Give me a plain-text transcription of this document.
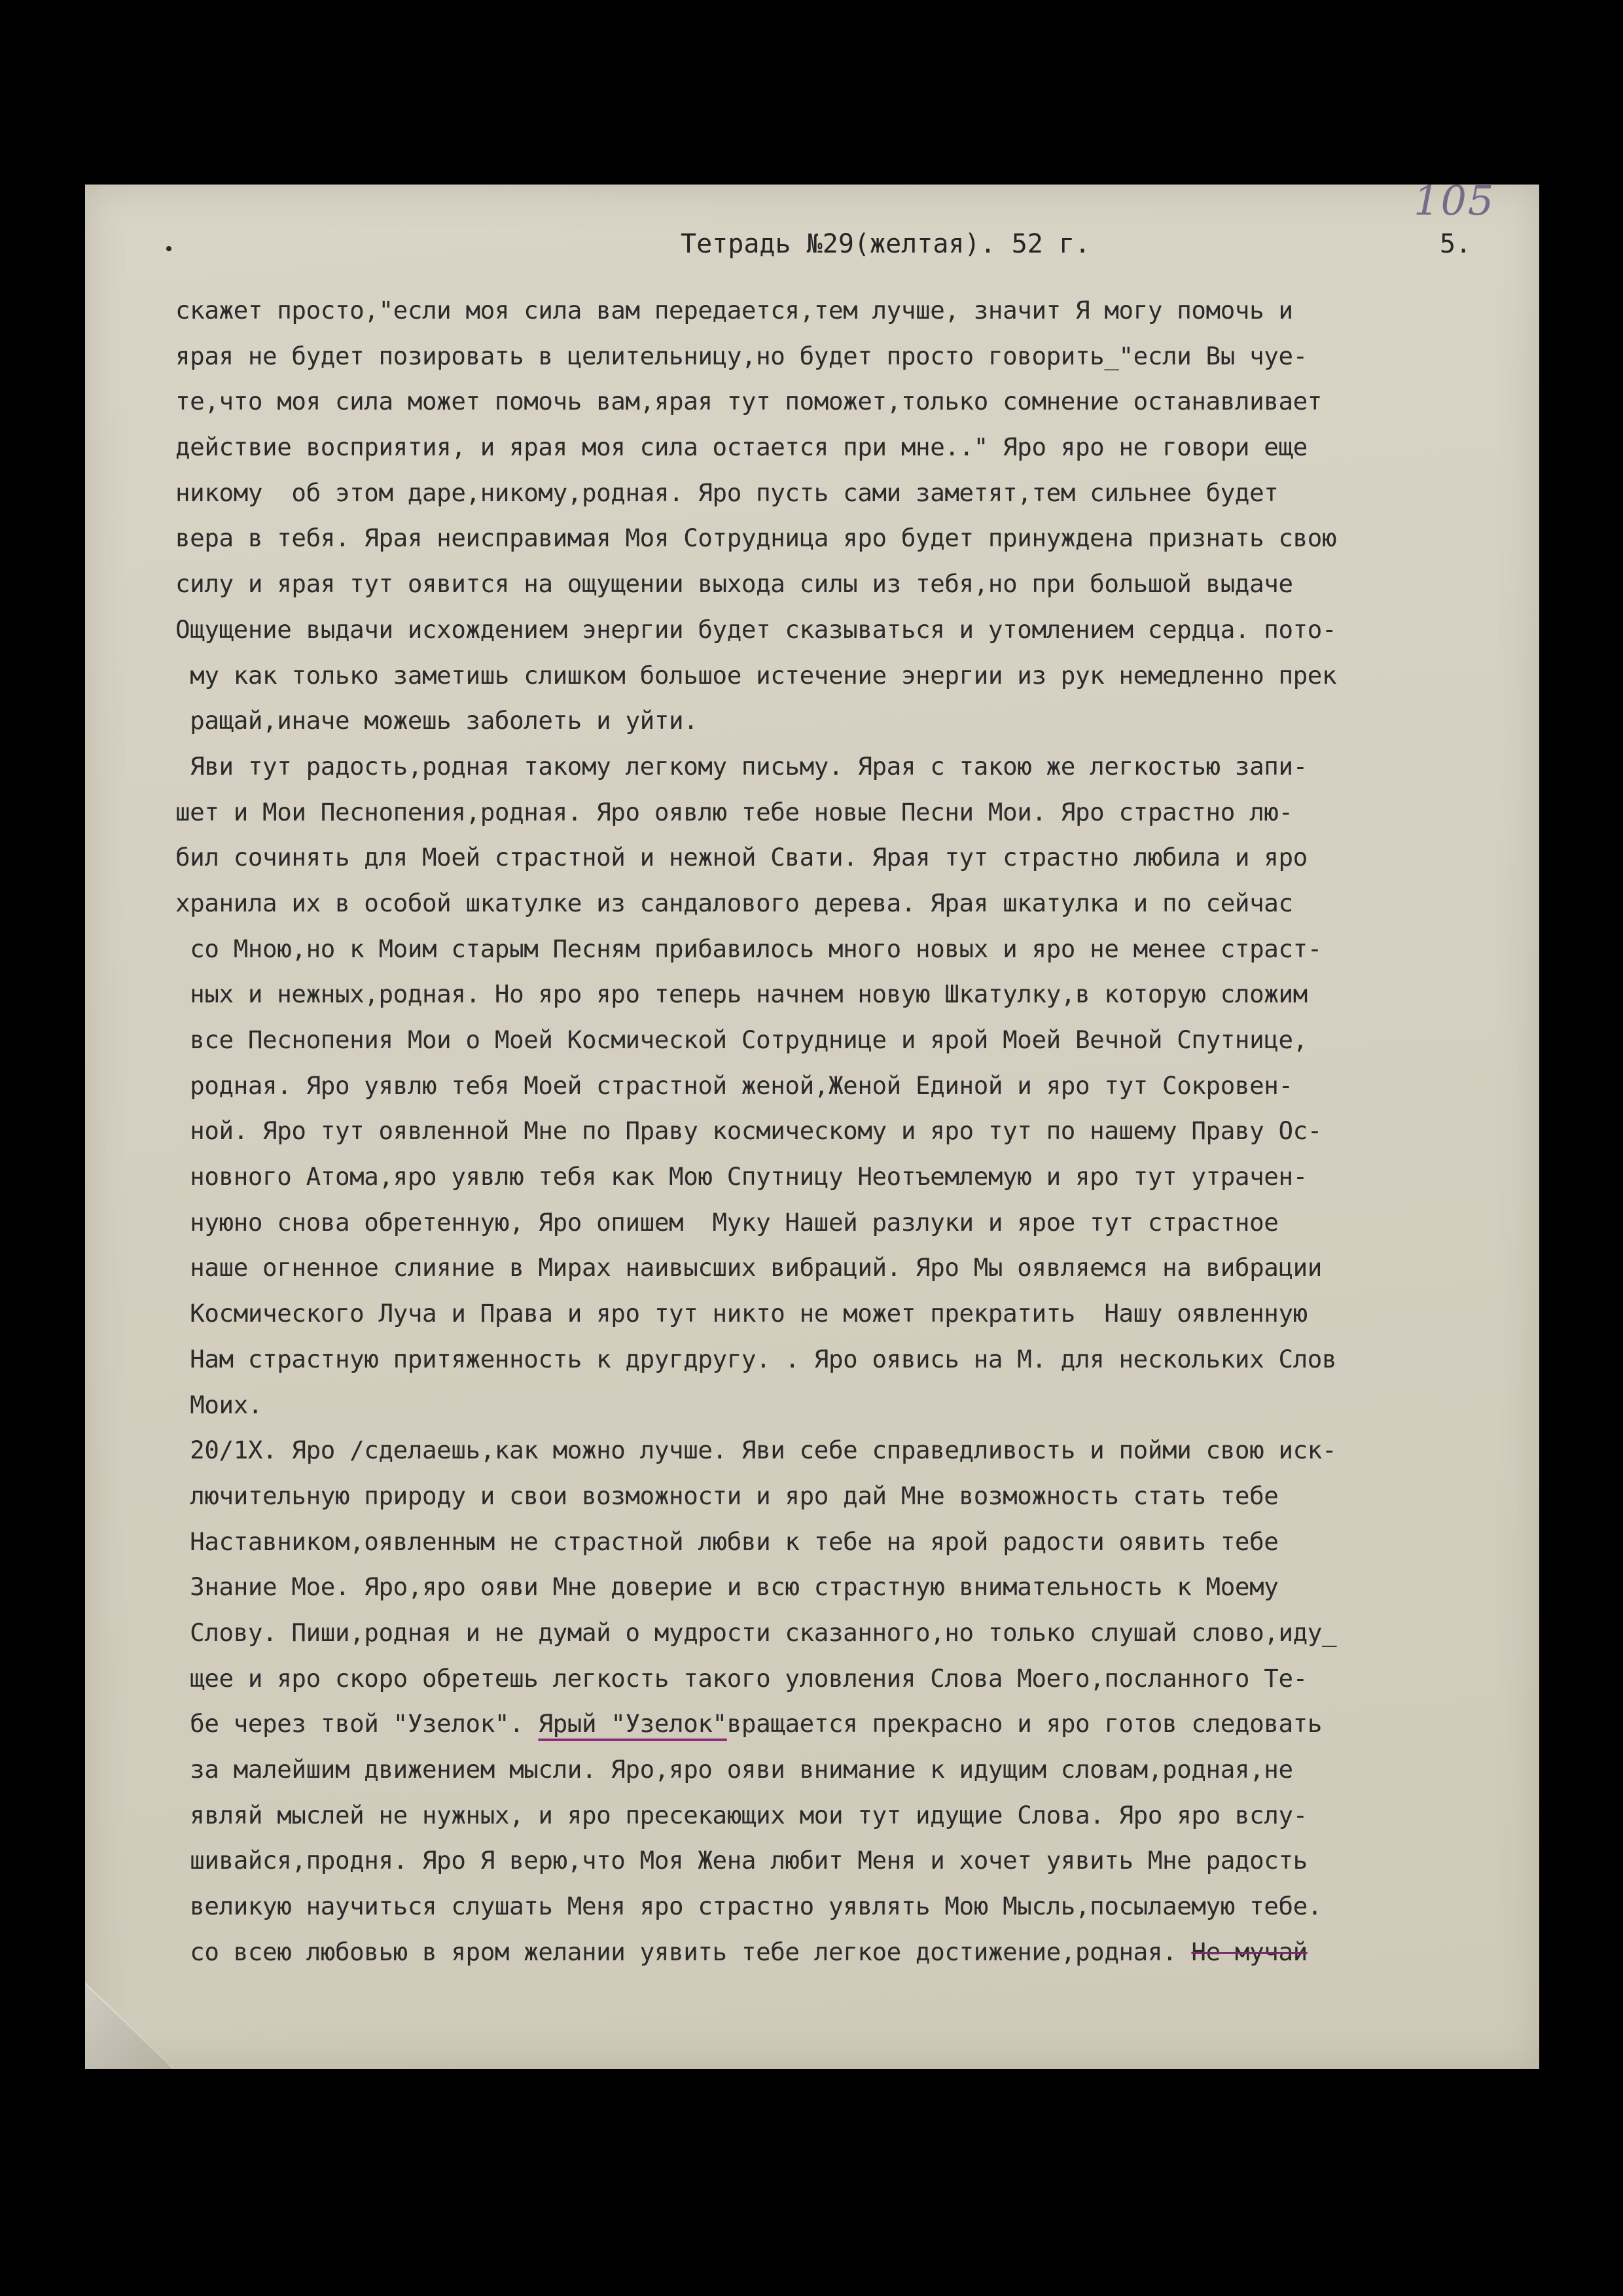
105
Тетрадь №29(желтая). 52 г.	5.
скажет просто,"если моя сила вам передается,тем лучше, значит Я могу помочь и
ярая не будет позировать в целительницу,но будет просто говорить_"если Вы чуе-
те,что моя сила может помочь вам,ярая тут поможет,только сомнение останавливает
действие восприятия, и ярая моя сила остается при мне.." Яро яро не говори еще
никому  об этом даре,никому,родная. Яро пусть сами заметят,тем сильнее будет
вера в тебя. Ярая неисправимая Моя Сотрудница яро будет принуждена признать свою
силу и ярая тут оявится на ощущении выхода силы из тебя,но при большой выдаче
Ощущение выдачи исхождением энергии будет сказываться и утомлением сердца. пото-
му как только заметишь слишком большое истечение энергии из рук немедленно прек
ращай,иначе можешь заболеть и уйти.
Яви тут радость,родная такому легкому письму. Ярая с такою же легкостью запи-
шет и Мои Песнопения,родная. Яро оявлю тебе новые Песни Мои. Яро страстно лю-
бил сочинять для Моей страстной и нежной Свати. Ярая тут страстно любила и яро
хранила их в особой шкатулке из сандалового дерева. Ярая шкатулка и по сейчас
со Мною,но к Моим старым Песням прибавилось много новых и яро не менее страст-
ных и нежных,родная. Но яро яро теперь начнем новую Шкатулку,в которую сложим
все Песнопения Мои о Моей Космической Сотруднице и ярой Моей Вечной Спутнице,
родная. Яро уявлю тебя Моей страстной женой,Женой Единой и яро тут Сокровен-
ной. Яро тут оявленной Мне по Праву космическому и яро тут по нашему Праву Ос-
новного Атома,яро уявлю тебя как Мою Спутницу Неотъемлемую и яро тут утрачен-
нуюно снова обретенную, Яро опишем  Муку Нашей разлуки и ярое тут страстное
наше огненное слияние в Мирах наивысших вибраций. Яро Мы оявляемся на вибрации
Космического Луча и Права и яро тут никто не может прекратить  Нашу оявленную
Нам страстную притяженность к другдругу. . Яро оявись на М. для нескольких Слов
Моих.
20/1Х. Яро /сделаешь,как можно лучше. Яви себе справедливость и пойми свою иск-
лючительную природу и свои возможности и яро дай Мне возможность стать тебе
Наставником,оявленным не страстной любви к тебе на ярой радости оявить тебе
Знание Мое. Яро,яро ояви Мне доверие и всю страстную внимательность к Моему
Слову. Пиши,родная и не думай о мудрости сказанного,но только слушай слово,иду_
щее и яро скоро обретешь легкость такого уловления Слова Моего,посланного Те-
бе через твой "Узелок". Ярый "Узелок"вращается прекрасно и яро готов следовать
за малейшим движением мысли. Яро,яро ояви внимание к идущим словам,родная,не
являй мыслей не нужных, и яро пресекающих мои тут идущие Слова. Яро яро вслу-
шивайся,продня. Яро Я верю,что Моя Жена любит Меня и хочет уявить Мне радость
великую научиться слушать Меня яро страстно уявлять Мою Мысль,посылаемую тебе.
со всею любовью в яром желании уявить тебе легкое достижение,родная. Не мучай
